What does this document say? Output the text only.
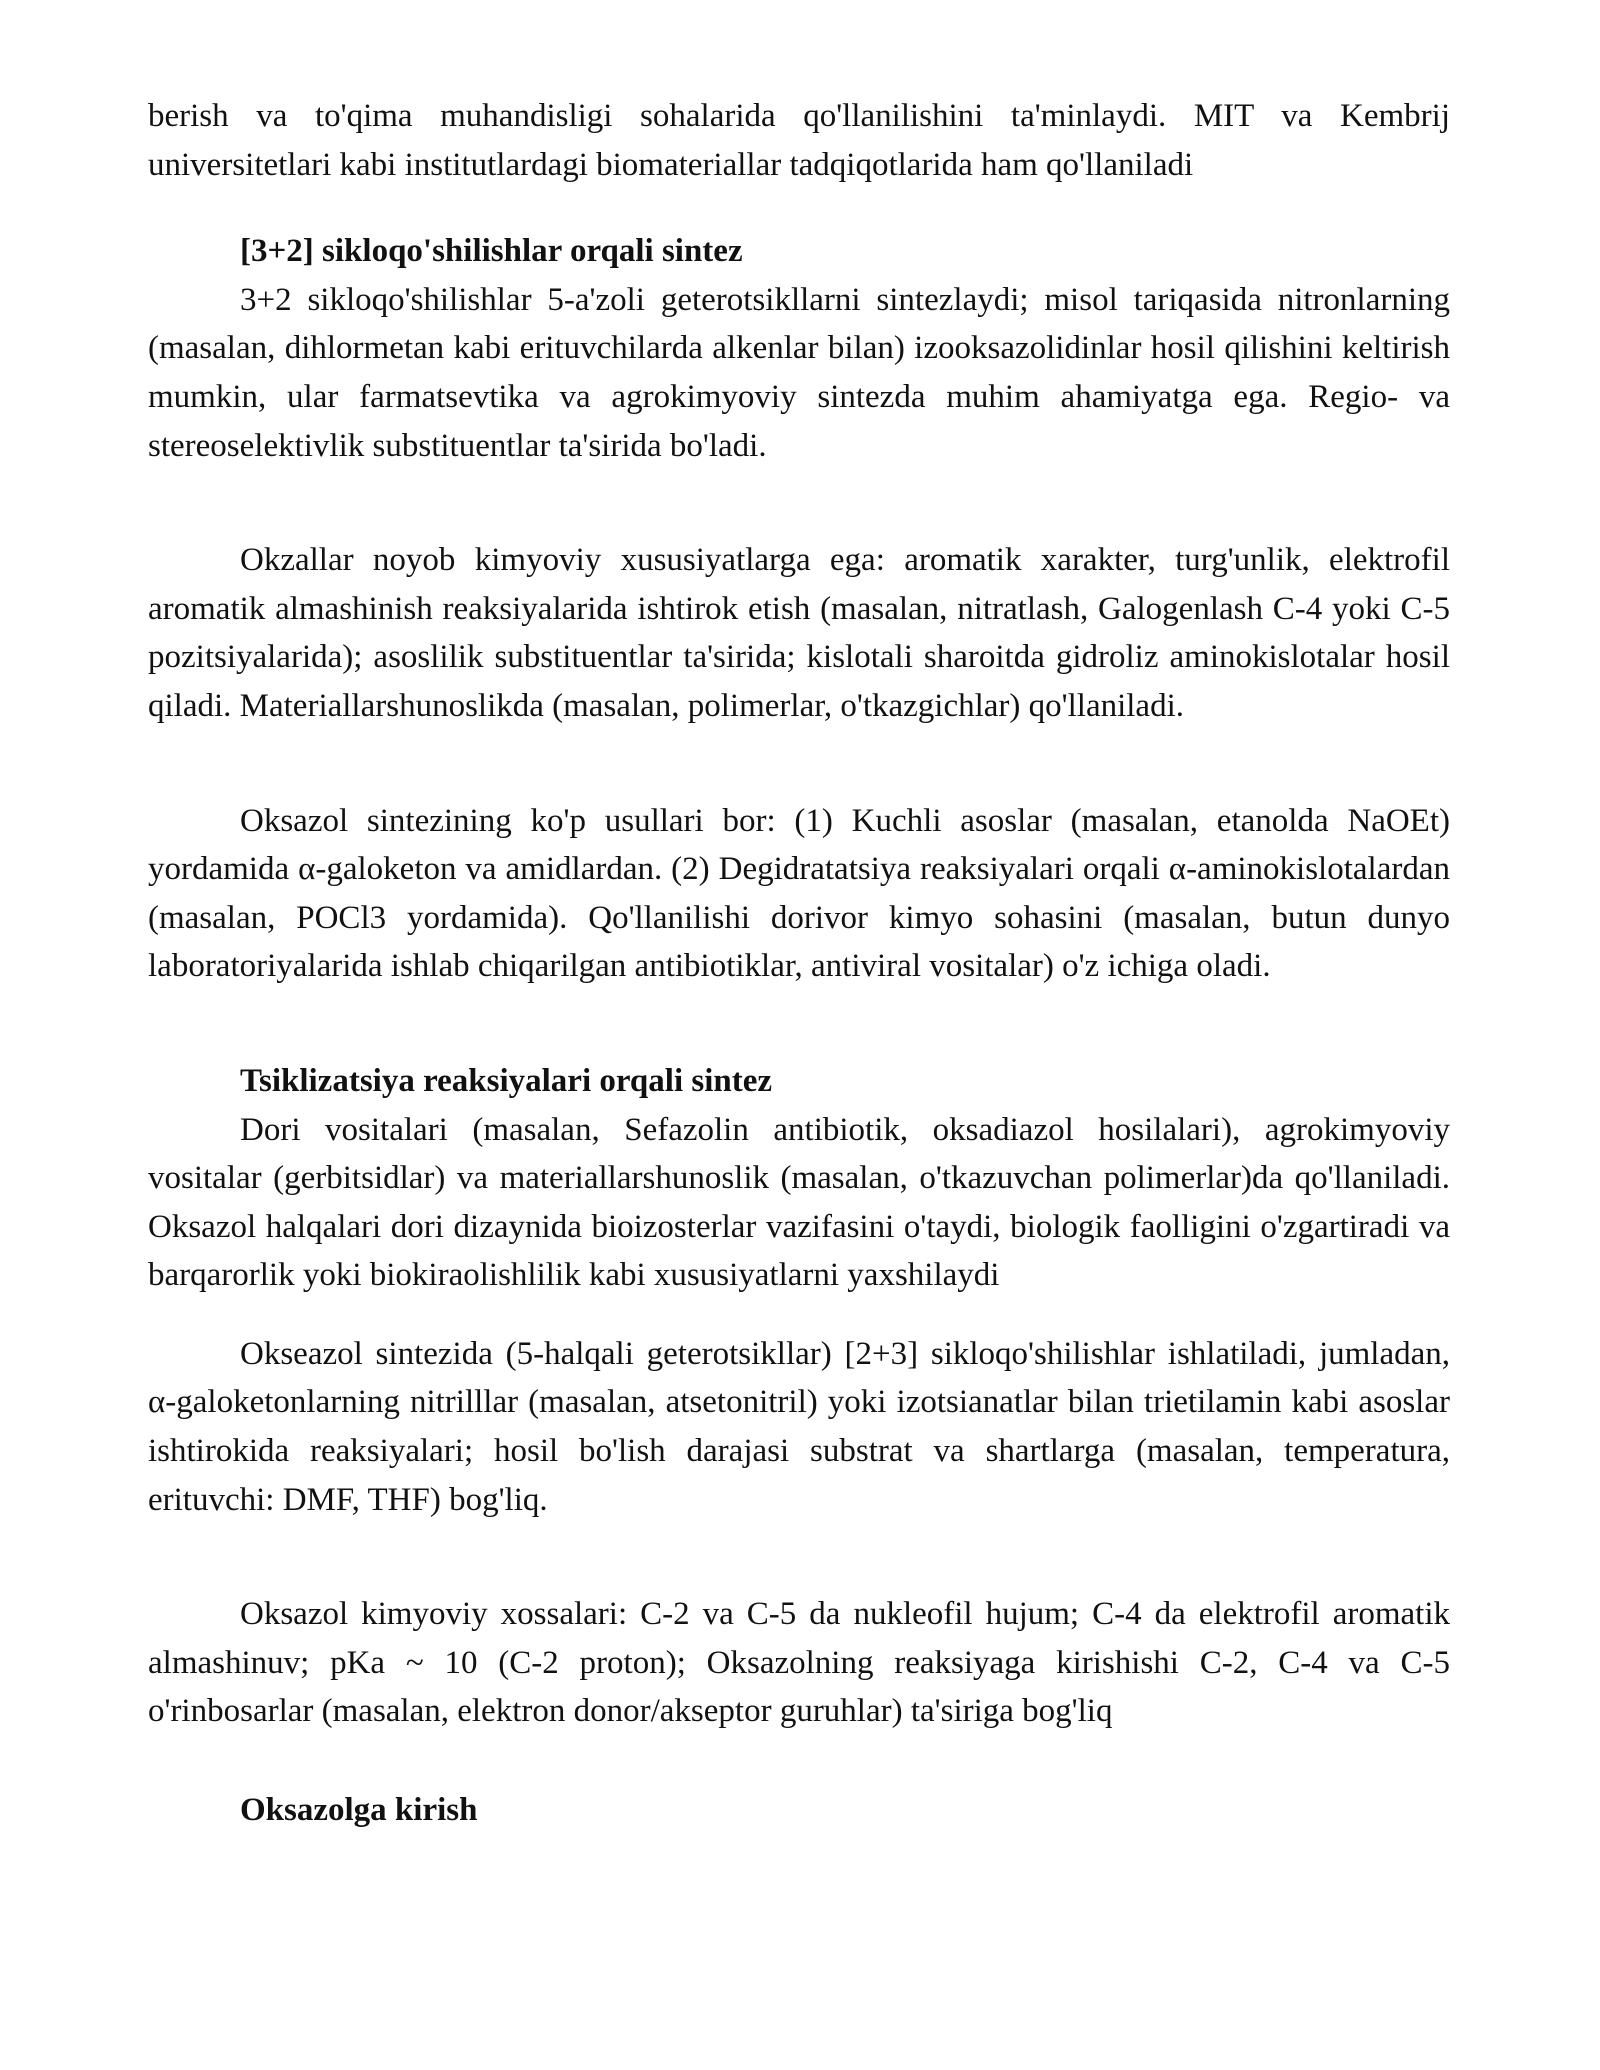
berish va to'qima muhandisligi sohalarida qo'llanilishini ta'minlaydi. MIT va Kembrij universitetlari kabi institutlardagi biomateriallar tadqiqotlarida ham qo'llaniladi

[3+2] sikloqo'shilishlar orqali sintez

3+2 sikloqo'shilishlar 5-a'zoli geterotsikllarni sintezlaydi; misol tariqasida nitronlarning (masalan, dihlormetan kabi erituvchilarda alkenlar bilan) izooksazolidinlar hosil qilishini keltirish mumkin, ular farmatsevtika va agrokimyoviy sintezda muhim ahamiyatga ega. Regio- va stereoselektivlik substituentlar ta'sirida bo'ladi.

Okzallar noyob kimyoviy xususiyatlarga ega: aromatik xarakter, turg'unlik, elektrofil aromatik almashinish reaksiyalarida ishtirok etish (masalan, nitratlash, Galogenlash C-4 yoki C-5 pozitsiyalarida); asoslilik substituentlar ta'sirida; kislotali sharoitda gidroliz aminokislotalar hosil qiladi. Materiallarshunoslikda (masalan, polimerlar, o'tkazgichlar) qo'llaniladi.

Oksazol sintezining ko'p usullari bor: (1) Kuchli asoslar (masalan, etanolda NaOEt) yordamida α-galoketon va amidlardan. (2) Degidratatsiya reaksiyalari orqali α-aminokislotalardan (masalan, POCl3 yordamida). Qo'llanilishi dorivor kimyo sohasini (masalan, butun dunyo laboratoriyalarida ishlab chiqarilgan antibiotiklar, antiviral vositalar) o'z ichiga oladi.

Tsiklizatsiya reaksiyalari orqali sintez

Dori vositalari (masalan, Sefazolin antibiotik, oksadiazol hosilalari), agrokimyoviy vositalar (gerbitsidlar) va materiallarshunoslik (masalan, o'tkazuvchan polimerlar)da qo'llaniladi. Oksazol halqalari dori dizaynida bioizosterlar vazifasini o'taydi, biologik faolligini o'zgartiradi va barqarorlik yoki biokiraolishlilik kabi xususiyatlarni yaxshilaydi

Okseazol sintezida (5-halqali geterotsikllar) [2+3] sikloqo'shilishlar ishlatiladi, jumladan, α-galoketonlarning nitrilllar (masalan, atsetonitril) yoki izotsianatlar bilan trietilamin kabi asoslar ishtirokida reaksiyalari; hosil bo'lish darajasi substrat va shartlarga (masalan, temperatura, erituvchi: DMF, THF) bog'liq.

Oksazol kimyoviy xossalari: C-2 va C-5 da nukleofil hujum; C-4 da elektrofil aromatik almashinuv; pKa ~ 10 (C-2 proton); Oksazolning reaksiyaga kirishishi C-2, C-4 va C-5 o'rinbosarlar (masalan, elektron donor/akseptor guruhlar) ta'siriga bog'liq

Oksazolga kirish
